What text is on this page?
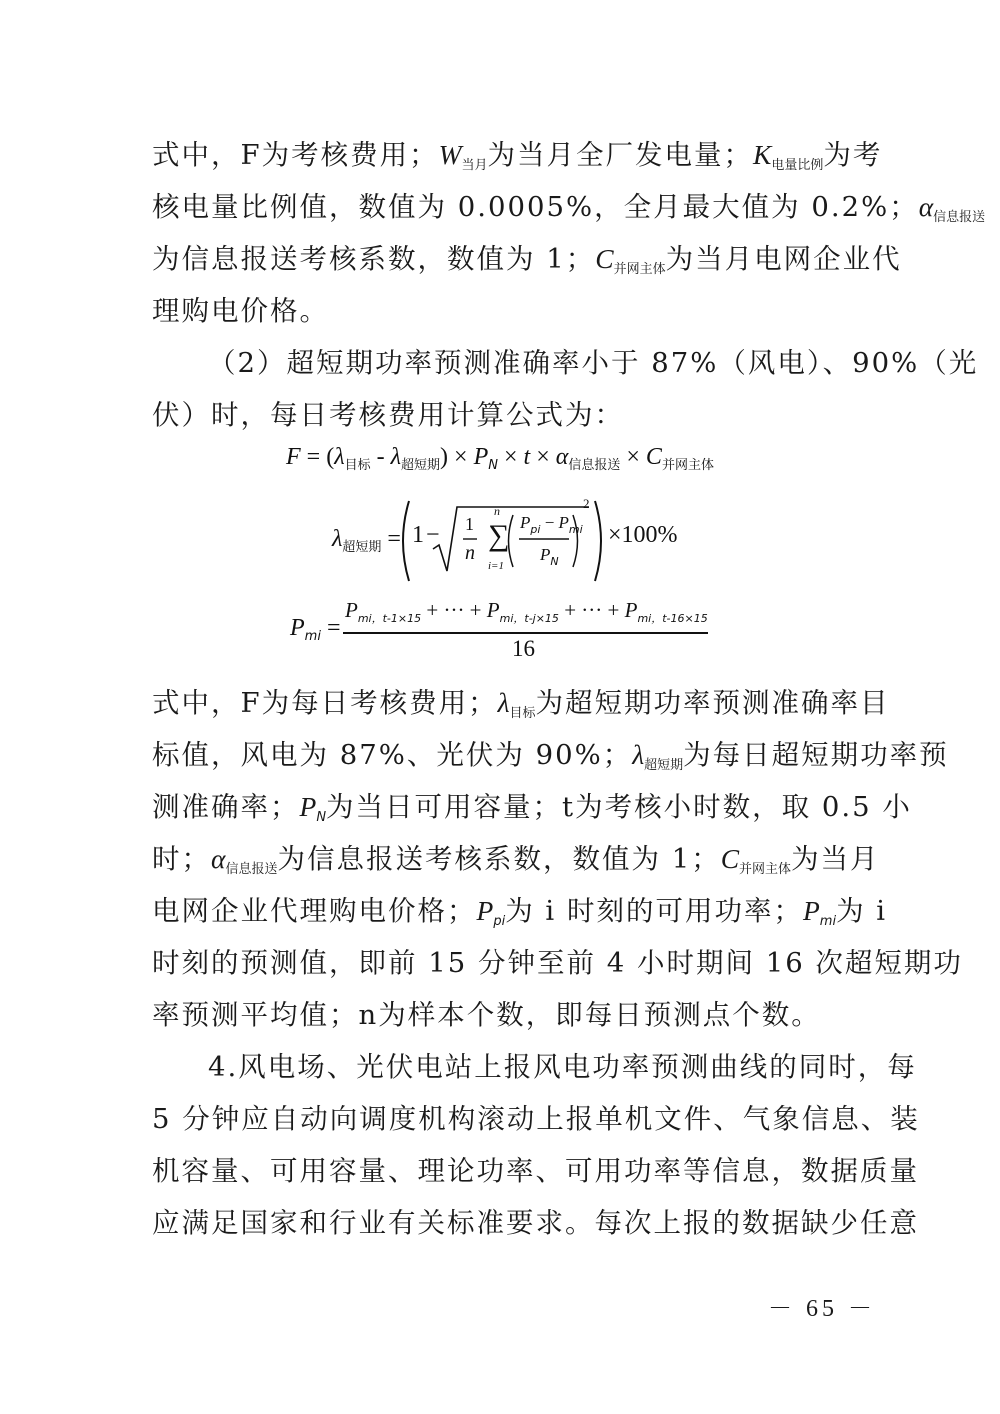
式中，F为考核费用；$W_{当月}$为当月全厂发电量；$K_{电量比例}$为考
核电量比例值，数值为 0.0005%，全月最大值为 0.2%；$\alpha_{信息报送}$
为信息报送考核系数，数值为 1；$C_{并网主体}$为当月电网企业代
理购电价格。
（2）超短期功率预测准确率小于 87%（风电）、90%（光
伏）时，每日考核费用计算公式为：
$F = (\lambda_{目标} - \lambda_{超短期}) \times P_N \times t \times \alpha_{信息报送} \times C_{并网主体}$
$\lambda_{超短期} = 1 - 1$
n
∑
n
i=1
$P_{pi} - P_{mi}$
$P_N$
2
×100%
$P_{mi}$ =
$P_{mi,t-1\times 15}$ + ··· + $P_{mi,t-j\times 15}$ + ··· + $P_{mi,t-16\times 15}$
16
式中，F为每日考核费用；$\lambda_{目标}$为超短期功率预测准确率目
标值，风电为 87%、光伏为 90%；$\lambda_{超短期}$为每日超短期功率预
测准确率；$P_N$为当日可用容量；t为考核小时数，取 0.5 小
时；$\alpha_{信息报送}$为信息报送考核系数，数值为 1；$C_{并网主体}$为当月
电网企业代理购电价格；$P_{pi}$为 i 时刻的可用功率；$P_{mi}$为 i
时刻的预测值，即前 15 分钟至前 4 小时期间 16 次超短期功
率预测平均值；n为样本个数，即每日预测点个数。
4.风电场、光伏电站上报风电功率预测曲线的同时，每
5 分钟应自动向调度机构滚动上报单机文件、气象信息、装
机容量、可用容量、理论功率、可用功率等信息，数据质量
应满足国家和行业有关标准要求。每次上报的数据缺少任意
－ 65 －
